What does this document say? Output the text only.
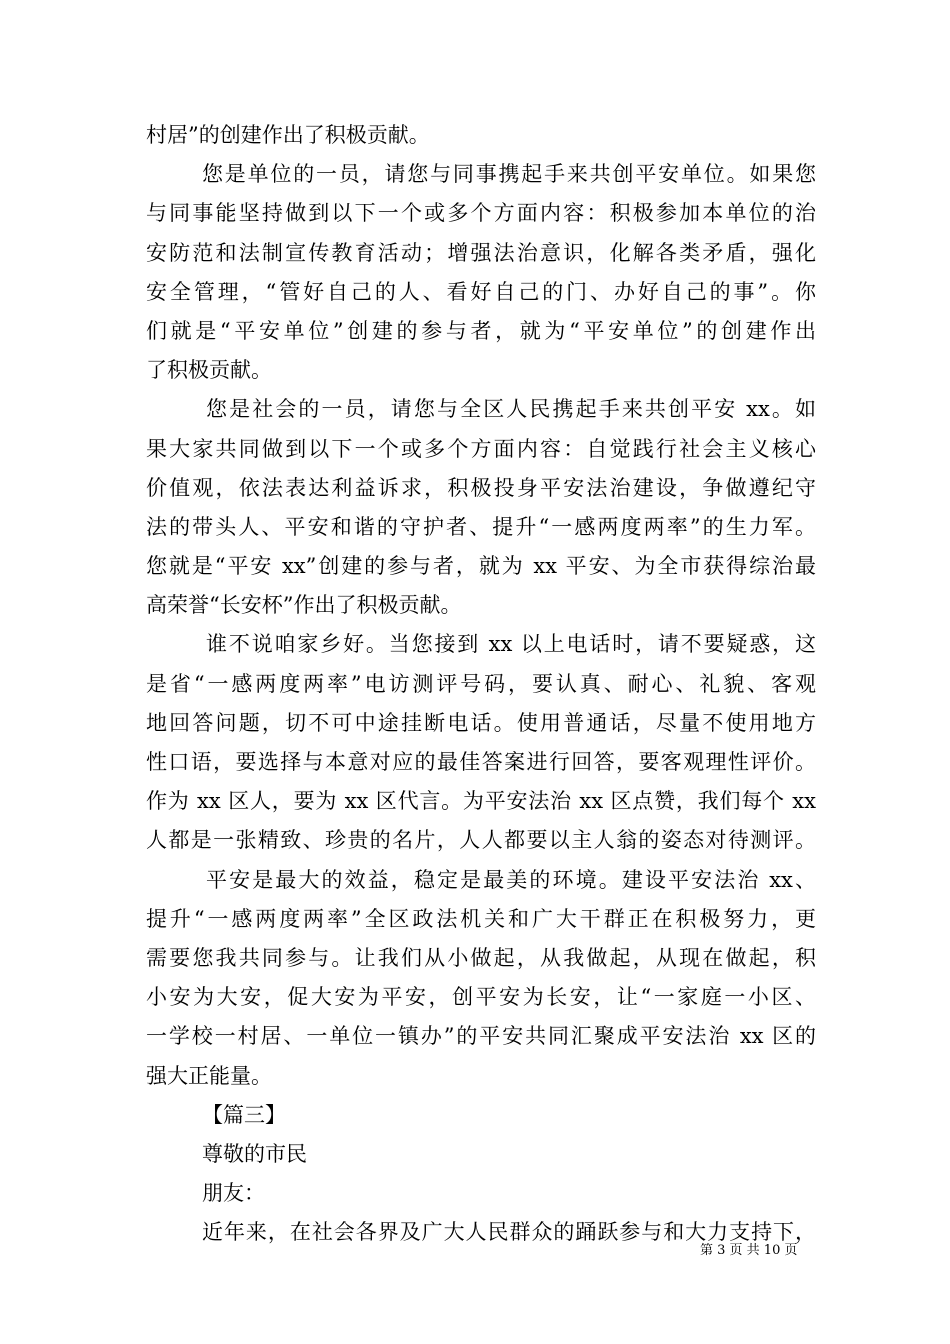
村居”的创建作出了积极贡献。
您是单位的一员，请您与同事携起手来共创平安单位。如果您
与同事能坚持做到以下一个或多个方面内容：积极参加本单位的治
安防范和法制宣传教育活动；增强法治意识，化解各类矛盾，强化
安全管理，“管好自己的人、看好自己的门、办好自己的事”。你
们就是“平安单位”创建的参与者，就为“平安单位”的创建作出
了积极贡献。
您是社会的一员，请您与全区人民携起手来共创平安 xx。如
果大家共同做到以下一个或多个方面内容：自觉践行社会主义核心
价值观，依法表达利益诉求，积极投身平安法治建设，争做遵纪守
法的带头人、平安和谐的守护者、提升“一感两度两率”的生力军。
您就是“平安 xx”创建的参与者，就为 xx 平安、为全市获得综治最
高荣誉“长安杯”作出了积极贡献。
谁不说咱家乡好。当您接到 xx 以上电话时，请不要疑惑，这
是省“一感两度两率”电访测评号码，要认真、耐心、礼貌、客观
地回答问题，切不可中途挂断电话。使用普通话，尽量不使用地方
性口语，要选择与本意对应的最佳答案进行回答，要客观理性评价。
作为 xx 区人，要为 xx 区代言。为平安法治 xx 区点赞，我们每个 xx
人都是一张精致、珍贵的名片，人人都要以主人翁的姿态对待测评。
平安是最大的效益，稳定是最美的环境。建设平安法治 xx、
提升“一感两度两率”全区政法机关和广大干群正在积极努力，更
需要您我共同参与。让我们从小做起，从我做起，从现在做起，积
小安为大安，促大安为平安，创平安为长安，让“一家庭一小区、
一学校一村居、一单位一镇办”的平安共同汇聚成平安法治 xx 区的
强大正能量。
【篇三】
尊敬的市民
朋友：
近年来，在社会各界及广大人民群众的踊跃参与和大力支持下，
第 3 页 共 10 页
